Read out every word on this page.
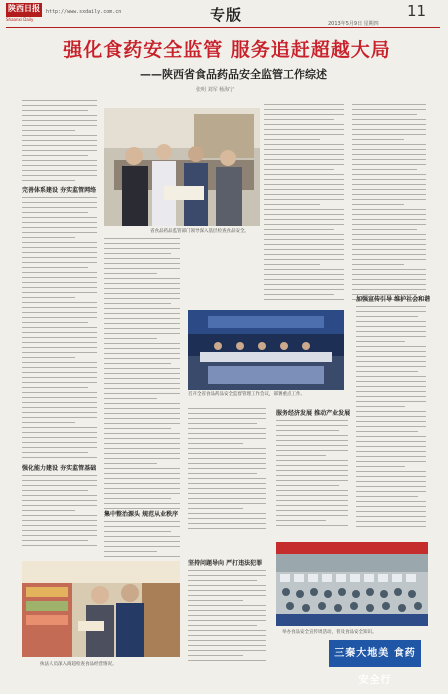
陕西日报
Shaanxi Daily
http://www.sxdaily.com.cn	专版	11
2013年5月9日 星期四
强化食药安全监管 服务追赶超越大局
——陕西省食品药品安全监管工作综述
张明 刘军 杨海宁
完善体系建设 夯实监管网络
强化能力建设 夯实监管基础
省食品药品监管部门领导深入基层检查食品安全。
集中整治源头 规范从业秩序
执法人员深入商超检查食品经营情况。
召开全省食品药品安全监督管理工作会议，部署重点工作。
坚持问题导向 严打违法犯罪
服务经济发展 推动产业发展
加强宣传引导 维护社会和谐
举办食品安全宣传周活动，普及食品安全知识。
三秦大地美 食药安全行
